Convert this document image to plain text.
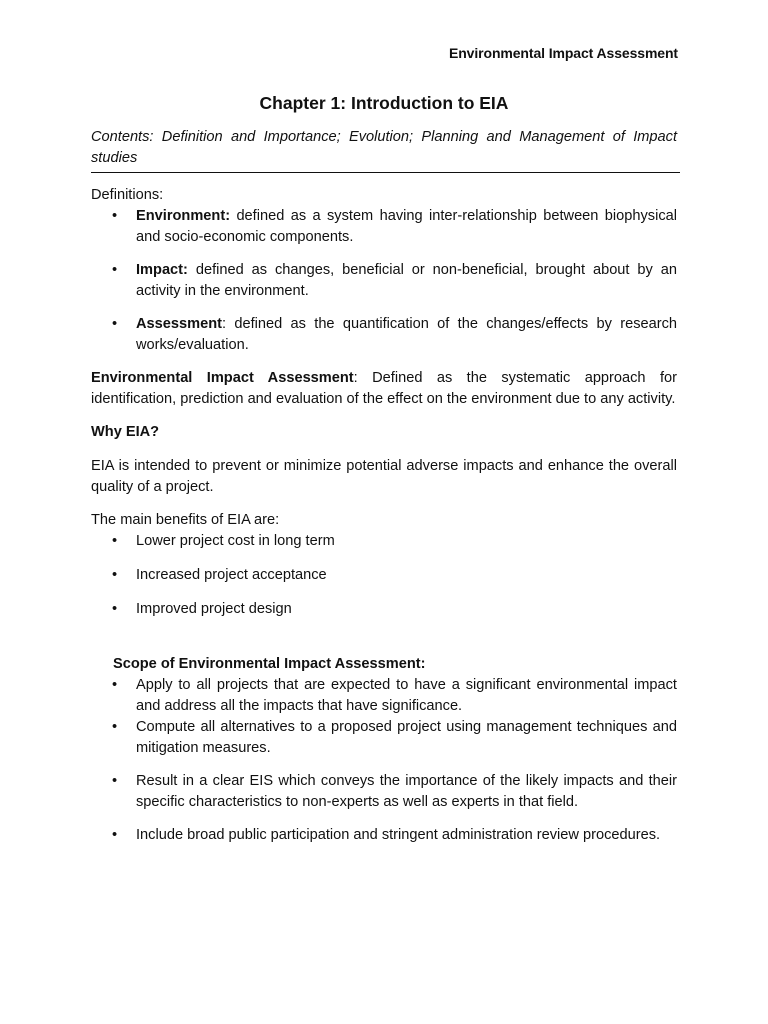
Environmental Impact Assessment
Chapter 1: Introduction to EIA

Contents: Definition and Importance; Evolution; Planning and Management of Impact studies

Definitions:

• Environment: defined as a system having inter-relationship between biophysical and socio-economic components.
• Impact: defined as changes, beneficial or non-beneficial, brought about by an activity in the environment.
• Assessment: defined as the quantification of the changes/effects by research works/evaluation.

Environmental Impact Assessment: Defined as the systematic approach for identification, prediction and evaluation of the effect on the environment due to any activity.

Why EIA?

EIA is intended to prevent or minimize potential adverse impacts and enhance the overall quality of a project.

The main benefits of EIA are:

• Lower project cost in long term
• Increased project acceptance
• Improved project design

Scope of Environmental Impact Assessment:

• Apply to all projects that are expected to have a significant environmental impact and address all the impacts that have significance.
• Compute all alternatives to a proposed project using management techniques and mitigation measures.
• Result in a clear EIS which conveys the importance of the likely impacts and their specific characteristics to non-experts as well as experts in that field.
• Include broad public participation and stringent administration review procedures.
